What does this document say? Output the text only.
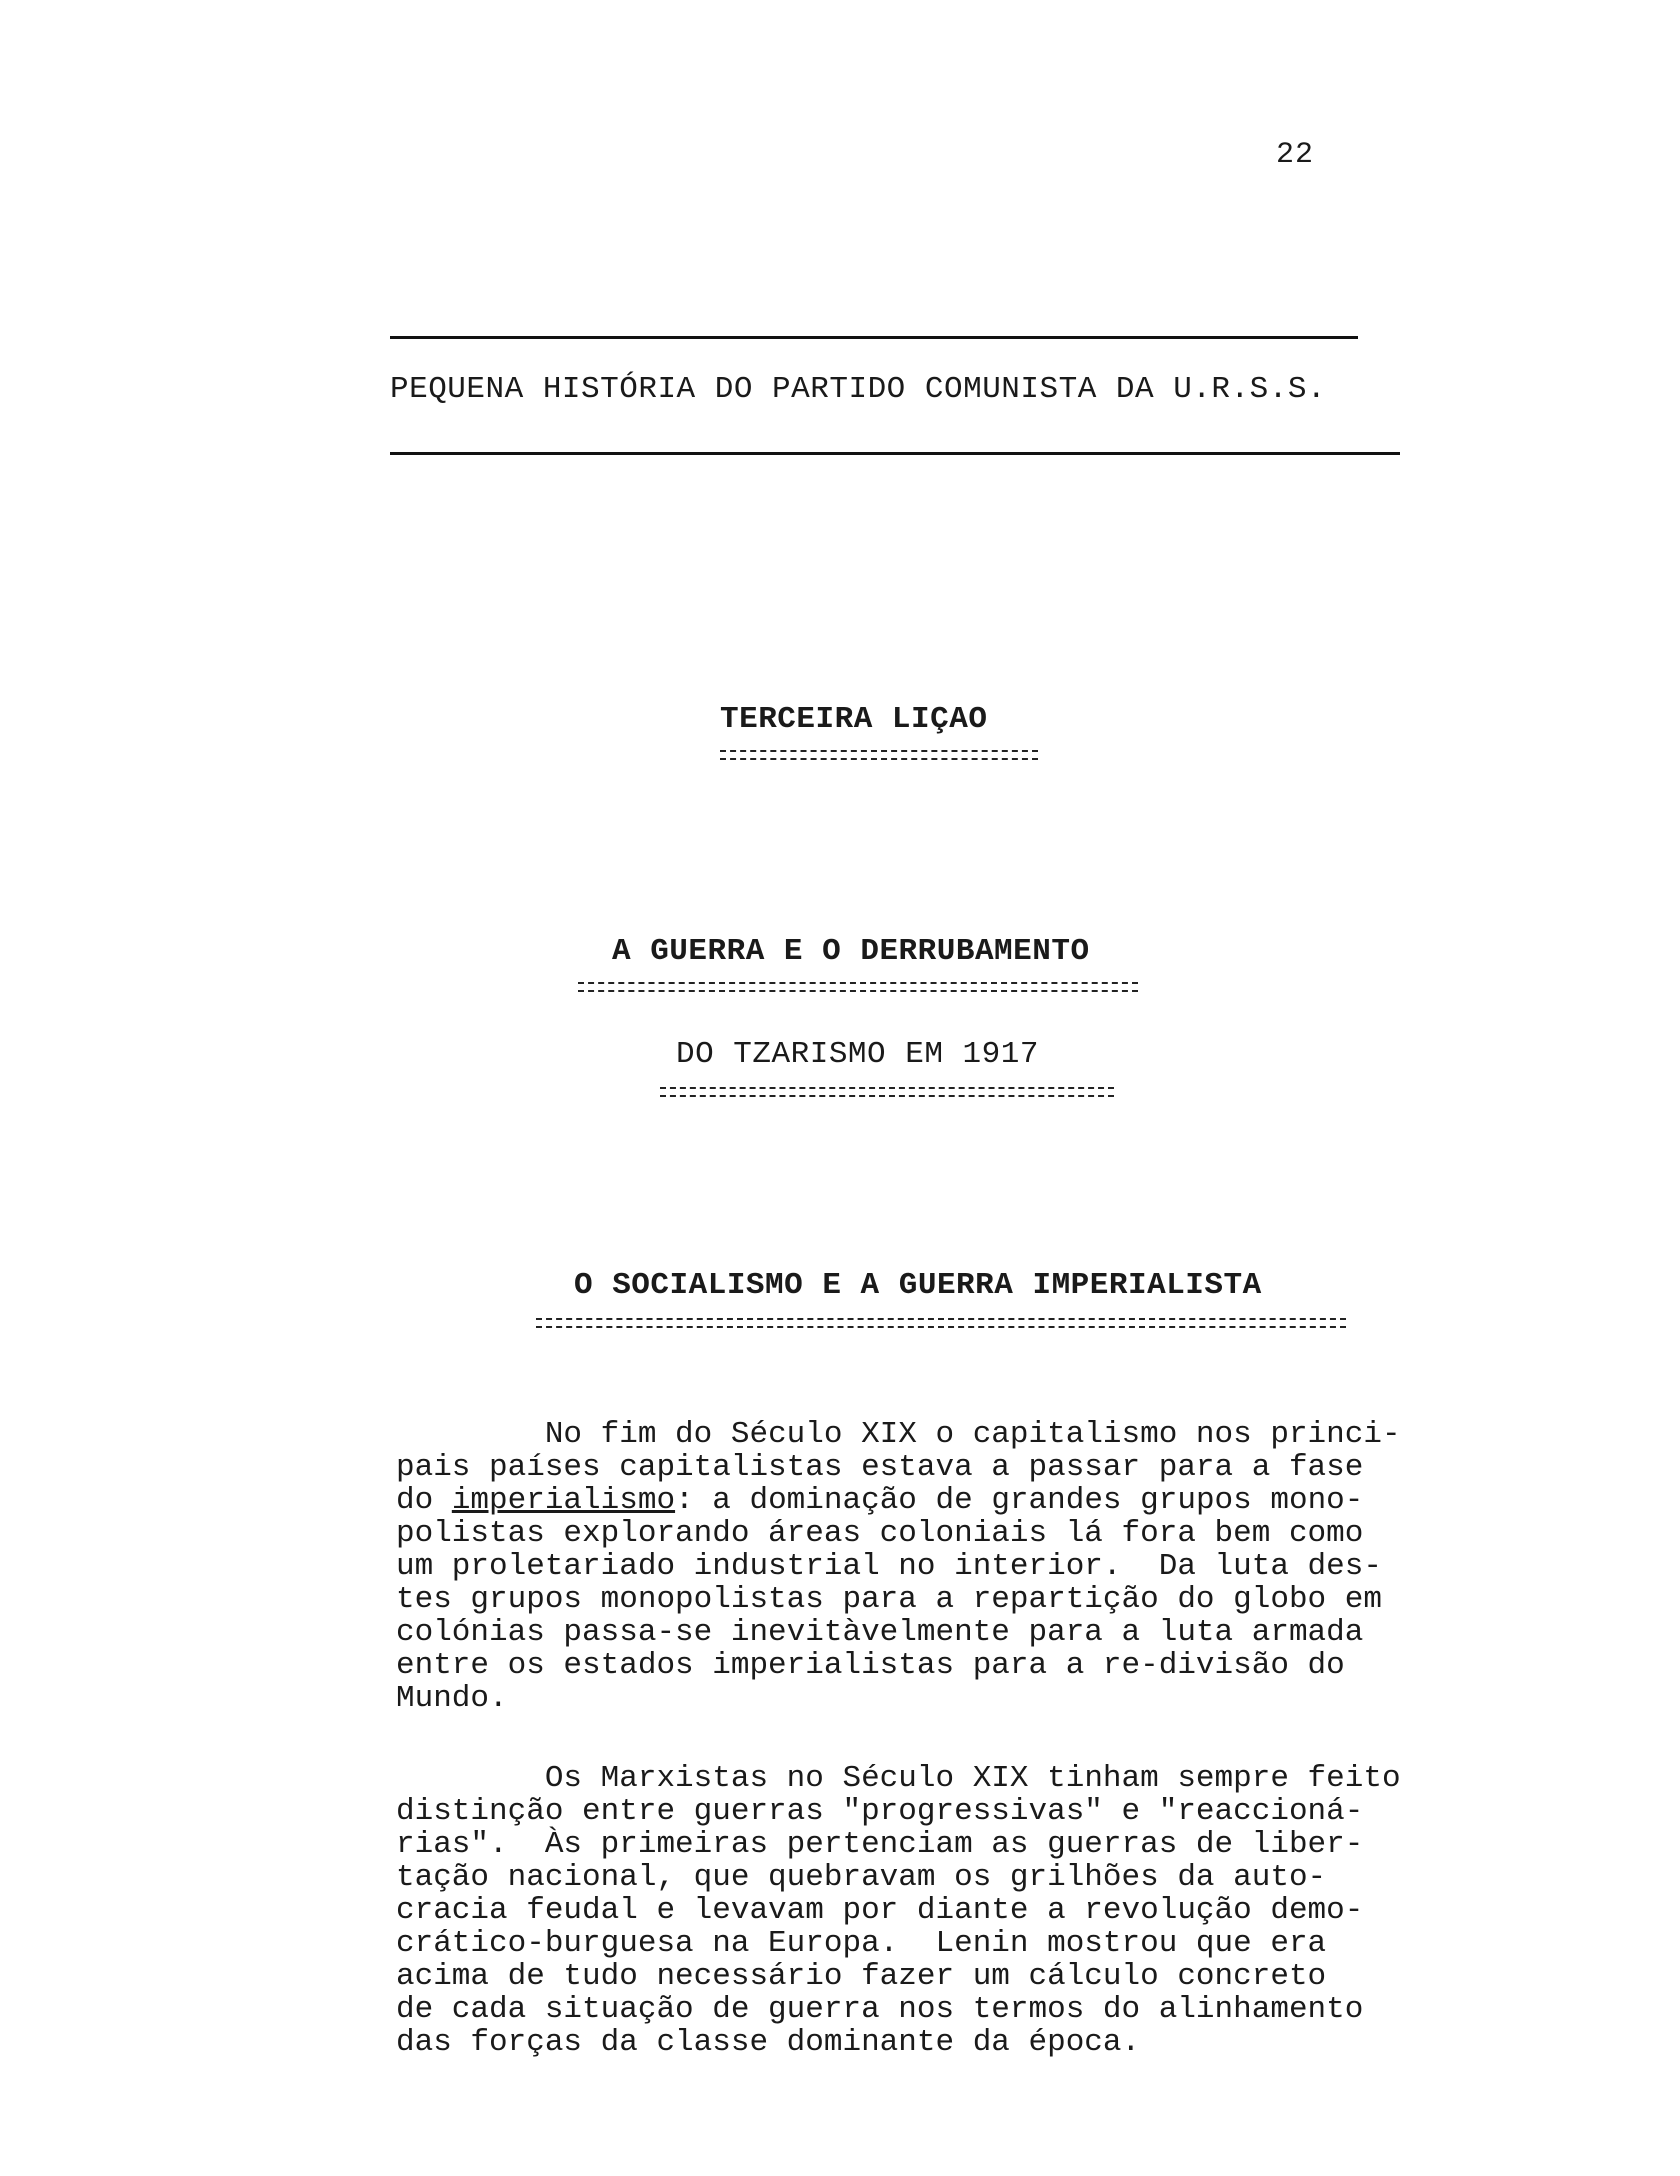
22
PEQUENA HISTÓRIA DO PARTIDO COMUNISTA DA U.R.S.S.
TERCEIRA LIÇAO
A GUERRA E O DERRUBAMENTO
DO TZARISMO EM 1917
O SOCIALISMO E A GUERRA IMPERIALISTA

No fim do Século XIX o capitalismo nos princi-
pais países capitalistas estava a passar para a fase
do imperialismo: a dominação de grandes grupos mono-
polistas explorando áreas coloniais lá fora bem como
um proletariado industrial no interior.  Da luta des-
tes grupos monopolistas para a repartição do globo em
colónias passa-se inevitàvelmente para a luta armada
entre os estados imperialistas para a re-divisão do
Mundo.

Os Marxistas no Século XIX tinham sempre feito
distinção entre guerras "progressivas" e "reaccioná-
rias".  Às primeiras pertenciam as guerras de liber-
tação nacional, que quebravam os grilhões da auto-
cracia feudal e levavam por diante a revolução demo-
crático-burguesa na Europa.  Lenin mostrou que era
acima de tudo necessário fazer um cálculo concreto
de cada situação de guerra nos termos do alinhamento
das forças da classe dominante da época.
